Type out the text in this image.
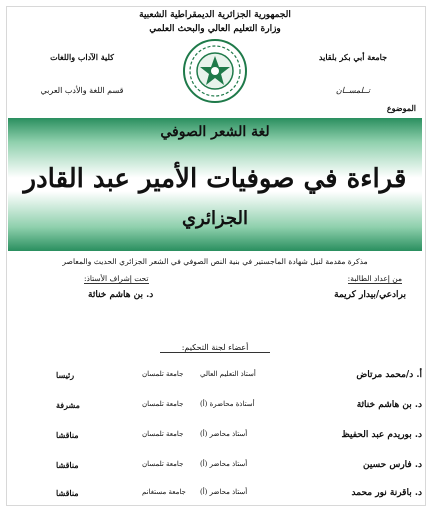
الجمهورية الجزائرية الديمقراطية الشعبية
وزارة التعليم العالي والبحث العلمي
جامعة أبي بكر بلقايد
تــلمســان
كلية الآداب واللغات
قسم اللغة والأدب العربي
الموضوع
لغة الشعر الصوفي
قراءة في صوفيات الأمير عبد القادر
الجزائري
مذكرة مقدمة لنيل شهادة الماجستير في بنية النص الصوفي في الشعر الجزائري الحديث والمعاصر
من إعداد الطالبة:
برادعي/بيدار كريمة
تحت إشراف الأستاذ:
د. بن هاشم خناثة
أعضاء لجنة التحكيم:
أ. د/محمد مرتاض
أستاذ التعليم العالي
جامعة تلمسان
رئيسا
د. بن هاشم خناثة
أستاذة محاضرة (أ)
جامعة تلمسان
مشرفة
د. بوريدم عبد الحفيظ
أستاذ محاضر (أ)
جامعة تلمسان
مناقشا
د. فارس حسين
أستاذ محاضر (أ)
جامعة تلمسان
مناقشا
د. باقرنة نور محمد
أستاذ محاضر (أ)
جامعة مستغانم
مناقشا
